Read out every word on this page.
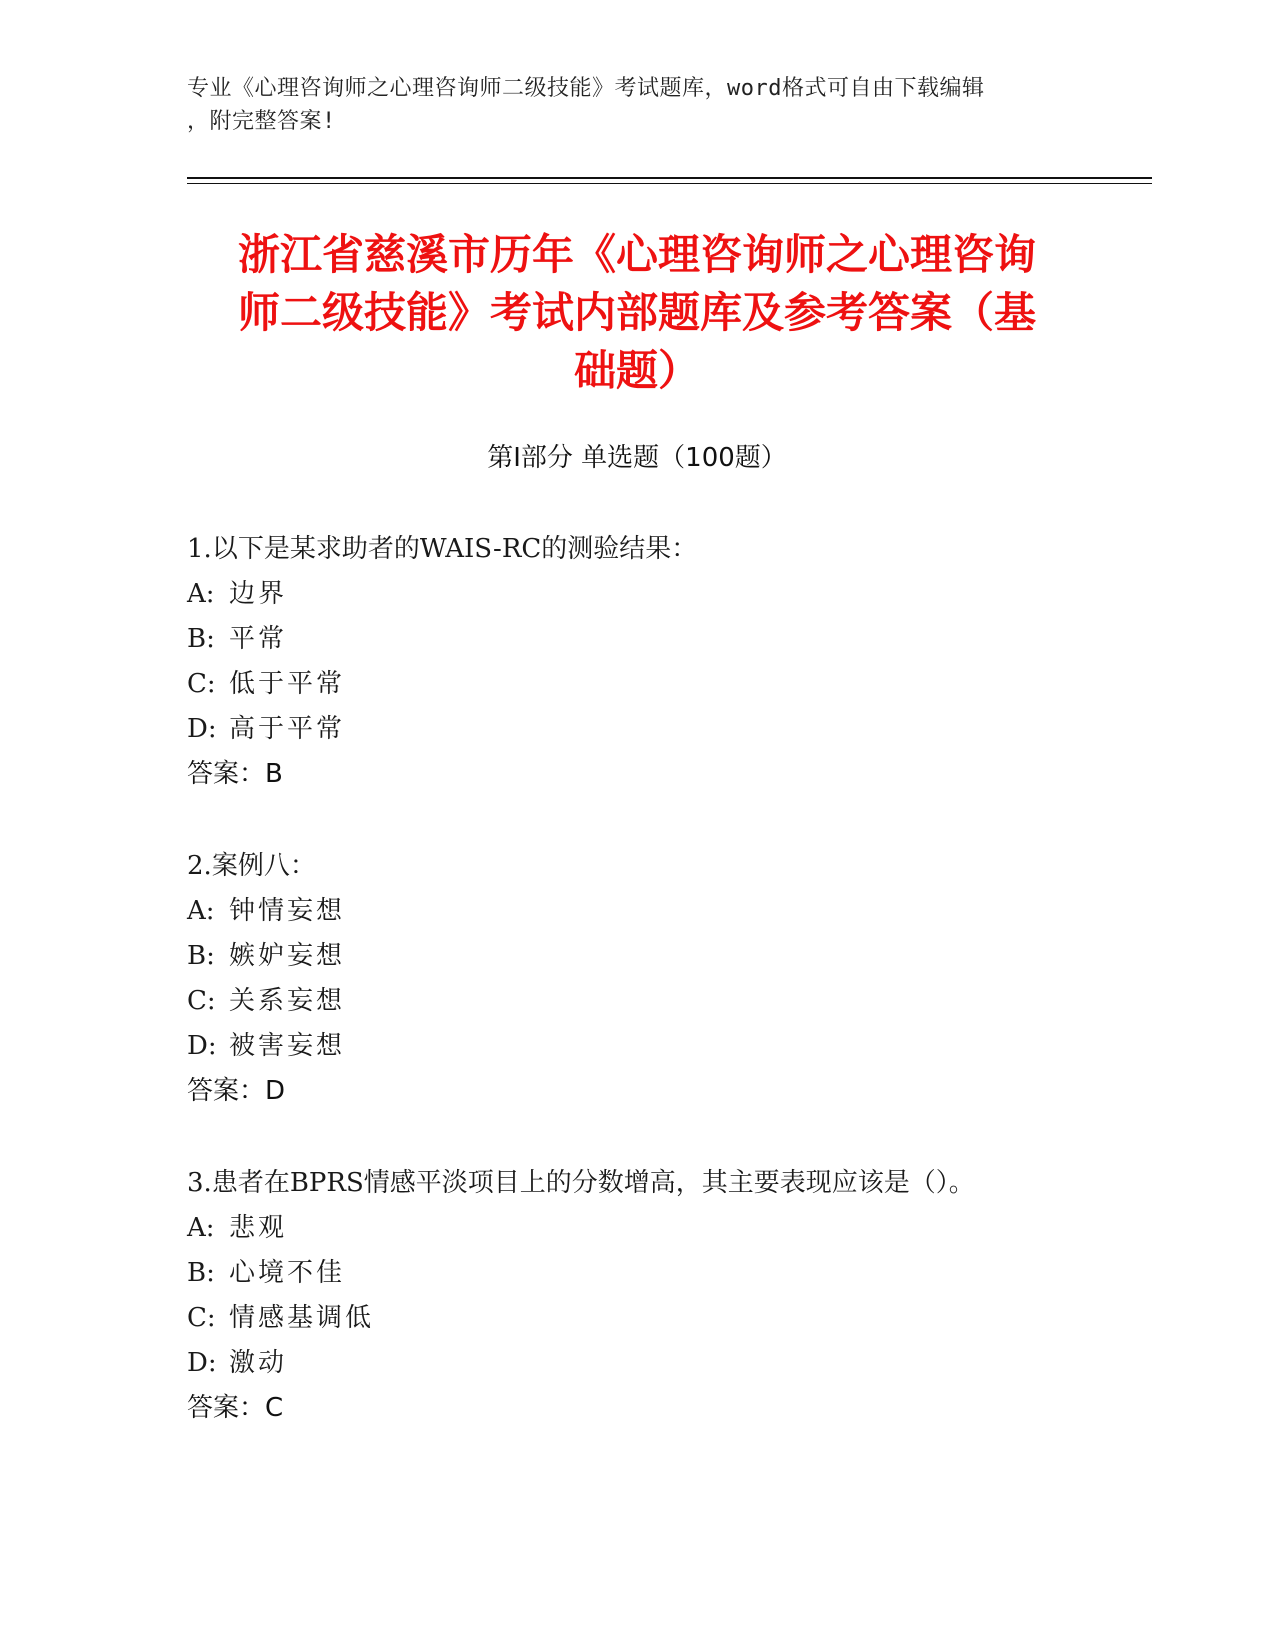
专业《心理咨询师之心理咨询师二级技能》考试题库，word格式可自由下载编辑
，附完整答案!
浙江省慈溪市历年《心理咨询师之心理咨询
师二级技能》考试内部题库及参考答案（基
础题）
第Ⅰ部分 单选题（100题）
1.以下是某求助者的WAIS-RC的测验结果：
A: 边界
B: 平常
C: 低于平常
D: 高于平常
答案：B
2.案例八：
A: 钟情妄想
B: 嫉妒妄想
C: 关系妄想
D: 被害妄想
答案：D
3.患者在BPRS情感平淡项目上的分数增高，其主要表现应该是（）。
A: 悲观
B: 心境不佳
C: 情感基调低
D: 激动
答案：C
